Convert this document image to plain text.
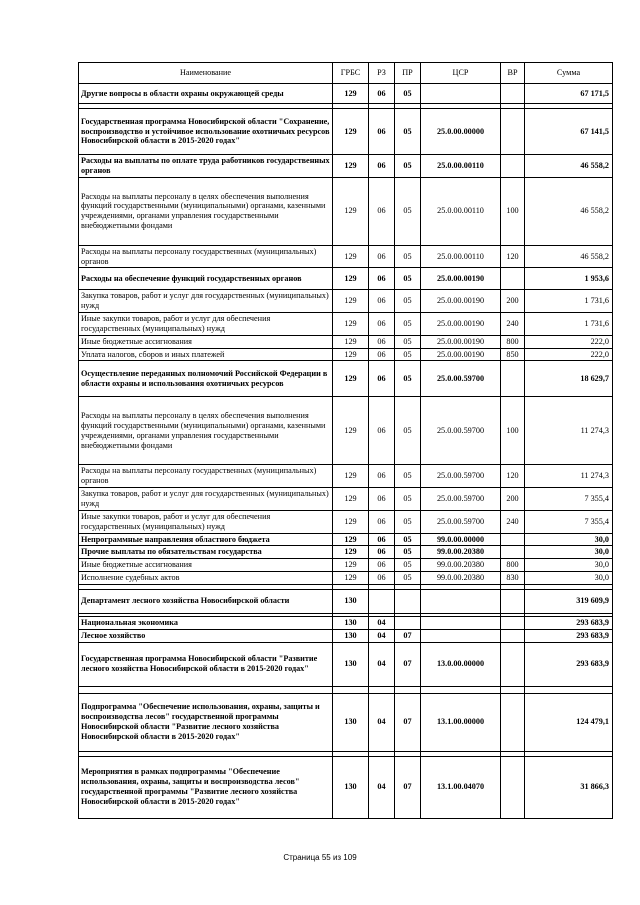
Наименование	ГРБС	РЗ	ПР	ЦСР	ВР	Сумма
Другие вопросы в области охраны окружающей среды	129	06	05			67 171,5

Государственная программа Новосибирской области "Сохранение, воспроизводство и устойчивое использование охотничьих ресурсов Новосибирской области в 2015-2020 годах"	129	06	05	25.0.00.00000		67 141,5
Расходы на выплаты по оплате труда работников государственных органов	129	06	05	25.0.00.00110		46 558,2
Расходы на выплаты персоналу в целях обеспечения выполнения функций государственными (муниципальными) органами, казенными учреждениями, органами управления государственными внебюджетными фондами	129	06	05	25.0.00.00110	100	46 558,2
Расходы на выплаты персоналу государственных (муниципальных) органов	129	06	05	25.0.00.00110	120	46 558,2
Расходы на обеспечение функций государственных органов	129	06	05	25.0.00.00190		1 953,6
Закупка товаров, работ и услуг для государственных (муниципальных) нужд	129	06	05	25.0.00.00190	200	1 731,6
Иные закупки товаров, работ и услуг для обеспечения государственных (муниципальных) нужд	129	06	05	25.0.00.00190	240	1 731,6
Иные бюджетные ассигнования	129	06	05	25.0.00.00190	800	222,0
Уплата налогов, сборов и иных платежей	129	06	05	25.0.00.00190	850	222,0
Осуществление переданных полномочий Российской Федерации в области охраны и использования охотничьих ресурсов	129	06	05	25.0.00.59700		18 629,7
Расходы на выплаты персоналу в целях обеспечения выполнения функций государственными (муниципальными) органами, казенными учреждениями, органами управления государственными внебюджетными фондами	129	06	05	25.0.00.59700	100	11 274,3
Расходы на выплаты персоналу государственных (муниципальных) органов	129	06	05	25.0.00.59700	120	11 274,3
Закупка товаров, работ и услуг для государственных (муниципальных) нужд	129	06	05	25.0.00.59700	200	7 355,4
Иные закупки товаров, работ и услуг для обеспечения государственных (муниципальных) нужд	129	06	05	25.0.00.59700	240	7 355,4
Непрограммные направления областного бюджета	129	06	05	99.0.00.00000		30,0
Прочие выплаты по обязательствам государства	129	06	05	99.0.00.20380		30,0
Иные бюджетные ассигнования	129	06	05	99.0.00.20380	800	30,0
Исполнение судебных актов	129	06	05	99.0.00.20380	830	30,0

Департамент лесного хозяйства Новосибирской области	130					319 609,9

Национальная экономика	130	04				293 683,9
Лесное хозяйство	130	04	07			293 683,9
Государственная программа Новосибирской области "Развитие лесного хозяйства Новосибирской области в 2015-2020 годах"	130	04	07	13.0.00.00000		293 683,9

Подпрограмма "Обеспечение использования, охраны, защиты и воспроизводства лесов" государственной программы Новосибирской области "Развитие лесного хозяйства Новосибирской области в 2015-2020 годах"	130	04	07	13.1.00.00000		124 479,1

Мероприятия в рамках подпрограммы "Обеспечение использования, охраны, защиты и воспроизводства лесов" государственной программы "Развитие лесного хозяйства Новосибирской области в 2015-2020 годах"	130	04	07	13.1.00.04070		31 866,3
Страница 55 из 109
